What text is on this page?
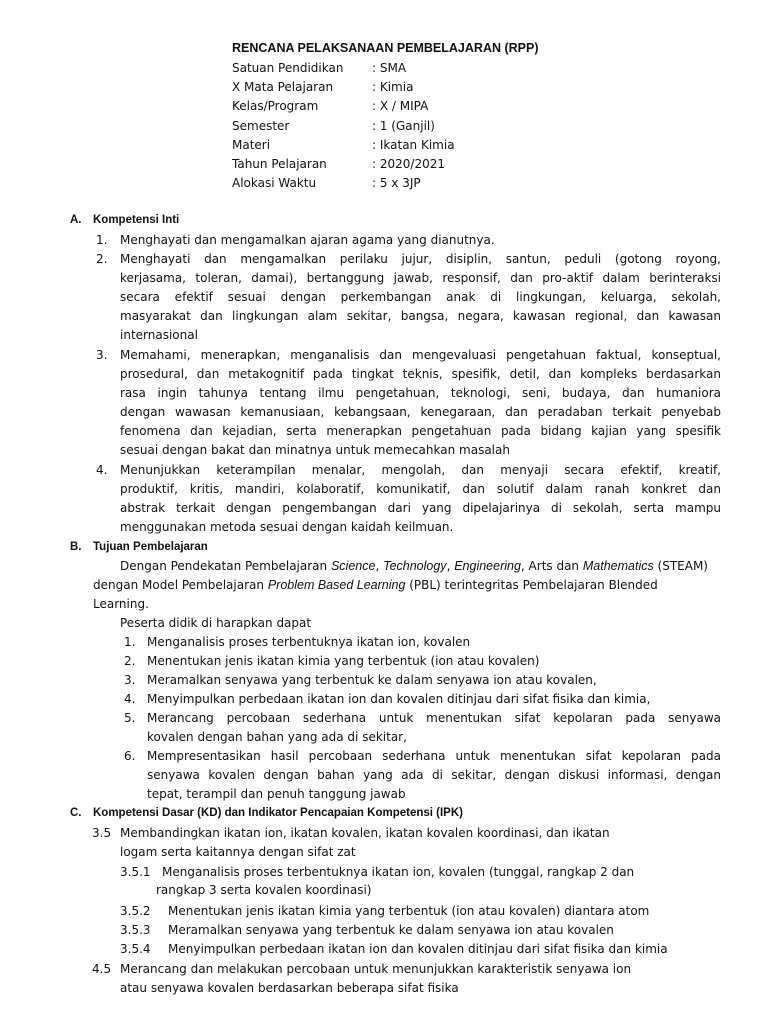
RENCANA PELAKSANAAN PEMBELAJARAN (RPP)
Satuan Pendidikan : SMA
X Mata Pelajaran	: Kimia
Kelas/Program	: X / MIPA
Semester	: 1 (Ganjil)
Materi	: Ikatan Kimia
Tahun Pelajaran	: 2020/2021
Alokasi Waktu	: 5 x 3JP
A. Kompetensi Inti
1. Menghayati dan mengamalkan ajaran agama yang dianutnya.
2. Menghayati dan mengamalkan perilaku jujur, disiplin, santun, peduli (gotong royong,
kerjasama, toleran, damai), bertanggung jawab, responsif, dan pro-aktif dalam berinteraksi
secara efektif sesuai dengan perkembangan anak di lingkungan, keluarga, sekolah,
masyarakat dan lingkungan alam sekitar, bangsa, negara, kawasan regional, dan kawasan
internasional
3. Memahami, menerapkan, menganalisis dan mengevaluasi pengetahuan faktual, konseptual,
prosedural, dan metakognitif pada tingkat teknis, spesifik, detil, dan kompleks berdasarkan
rasa ingin tahunya tentang ilmu pengetahuan, teknologi, seni, budaya, dan humaniora
dengan wawasan kemanusiaan, kebangsaan, kenegaraan, dan peradaban terkait penyebab
fenomena dan kejadian, serta menerapkan pengetahuan pada bidang kajian yang spesifik
sesuai dengan bakat dan minatnya untuk memecahkan masalah
4. Menunjukkan keterampilan menalar, mengolah, dan menyaji secara efektif, kreatif,
produktif, kritis, mandiri, kolaboratif, komunikatif, dan solutif dalam ranah konkret dan
abstrak terkait dengan pengembangan dari yang dipelajarinya di sekolah, serta mampu
menggunakan metoda sesuai dengan kaidah keilmuan.
B. Tujuan Pembelajaran
Dengan Pendekatan Pembelajaran Science, Technology, Engineering, Arts dan Mathematics (STEAM)
dengan Model Pembelajaran Problem Based Learning (PBL) terintegritas Pembelajaran Blended
Learning.
Peserta didik di harapkan dapat
1. Menganalisis proses terbentuknya ikatan ion, kovalen
2. Menentukan jenis ikatan kimia yang terbentuk (ion atau kovalen)
3. Meramalkan senyawa yang terbentuk ke dalam senyawa ion atau kovalen,
4. Menyimpulkan perbedaan ikatan ion dan kovalen ditinjau dari sifat fisika dan kimia,
5. Merancang percobaan sederhana untuk menentukan sifat kepolaran pada senyawa
kovalen dengan bahan yang ada di sekitar,
6. Mempresentasikan hasil percobaan sederhana untuk menentukan sifat kepolaran pada
senyawa kovalen dengan bahan yang ada di sekitar, dengan diskusi informasi, dengan
tepat, terampil dan penuh tanggung jawab
C. Kompetensi Dasar (KD) dan Indikator Pencapaian Kompetensi (IPK)
3.5 Membandingkan ikatan ion, ikatan kovalen, ikatan kovalen koordinasi, dan ikatan
logam serta kaitannya dengan sifat zat
3.5.1 Menganalisis proses terbentuknya ikatan ion, kovalen (tunggal, rangkap 2 dan
rangkap 3 serta kovalen koordinasi)
3.5.2 Menentukan jenis ikatan kimia yang terbentuk (ion atau kovalen) diantara atom
3.5.3 Meramalkan senyawa yang terbentuk ke dalam senyawa ion atau kovalen
3.5.4 Menyimpulkan perbedaan ikatan ion dan kovalen ditinjau dari sifat fisika dan kimia
4.5 Merancang dan melakukan percobaan untuk menunjukkan karakteristik senyawa ion
atau senyawa kovalen berdasarkan beberapa sifat fisika
